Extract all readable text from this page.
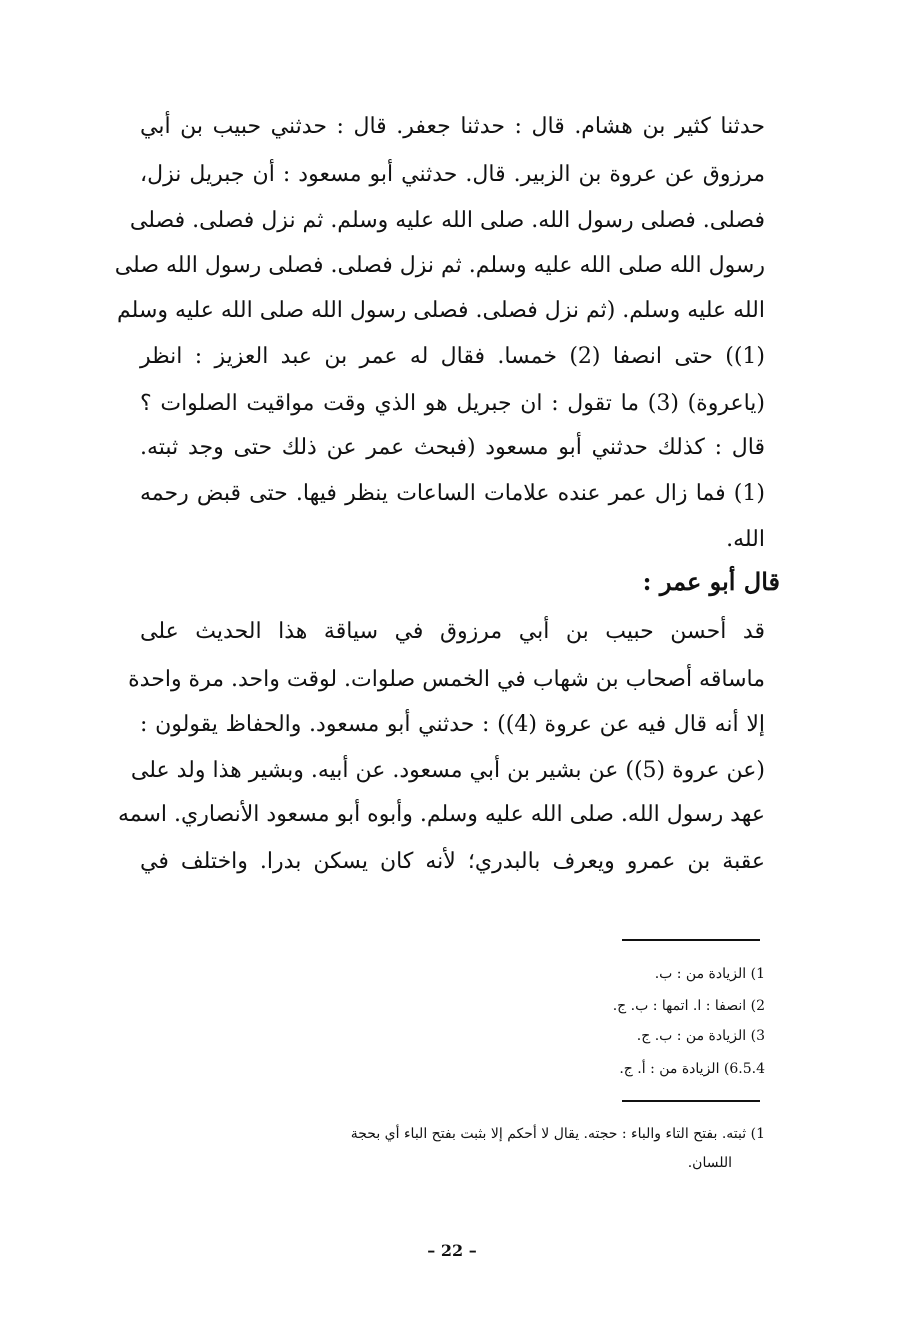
حدثنا كثير بن هشام. قال : حدثنا جعفر. قال : حدثني حبيب بن أبي
مرزوق عن عروة بن الزبير. قال. حدثني أبو مسعود : أن جبريل نزل،
فصلى. فصلى رسول الله. صلى الله عليه وسلم. ثم نزل فصلى. فصلى
رسول الله صلى الله عليه وسلم. ثم نزل فصلى. فصلى رسول الله صلى
الله عليه وسلم. (ثم نزل فصلى. فصلى رسول الله صلى الله عليه وسلم
(1)) حتى انصفا (2) خمسا. فقال له عمر بن عبد العزيز : انظر
(ياعروة) (3) ما تقول : ان جبريل هو الذي وقت مواقيت الصلوات ؟
قال : كذلك حدثني أبو مسعود (فبحث عمر عن ذلك حتى وجد ثبته.
(1) فما زال عمر عنده علامات الساعات ينظر فيها. حتى قبض رحمه
الله.
قال أبو عمر :
قد أحسن حبيب بن أبي مرزوق في سياقة هذا الحديث على
ماساقه أصحاب بن شهاب في الخمس صلوات. لوقت واحد. مرة واحدة
إلا أنه قال فيه عن عروة (4)) : حدثني أبو مسعود. والحفاظ يقولون :
(عن عروة (5)) عن بشير بن أبي مسعود. عن أبيه. وبشير هذا ولد على
عهد رسول الله. صلى الله عليه وسلم. وأبوه أبو مسعود الأنصاري. اسمه
عقبة بن عمرو ويعرف بالبدري؛ لأنه كان يسكن بدرا. واختلف في
1) الزيادة من : ب.
2) انصفا : ا. اتمها : ب. ج.
3) الزيادة من : ب. ج.
6.5.4) الزيادة من : أ. ج.
1) ثبته. بفتح التاء والباء : حجته. يقال لا أحكم إلا بثبت بفتح الباء أي بحجة
اللسان.
– 22 –
